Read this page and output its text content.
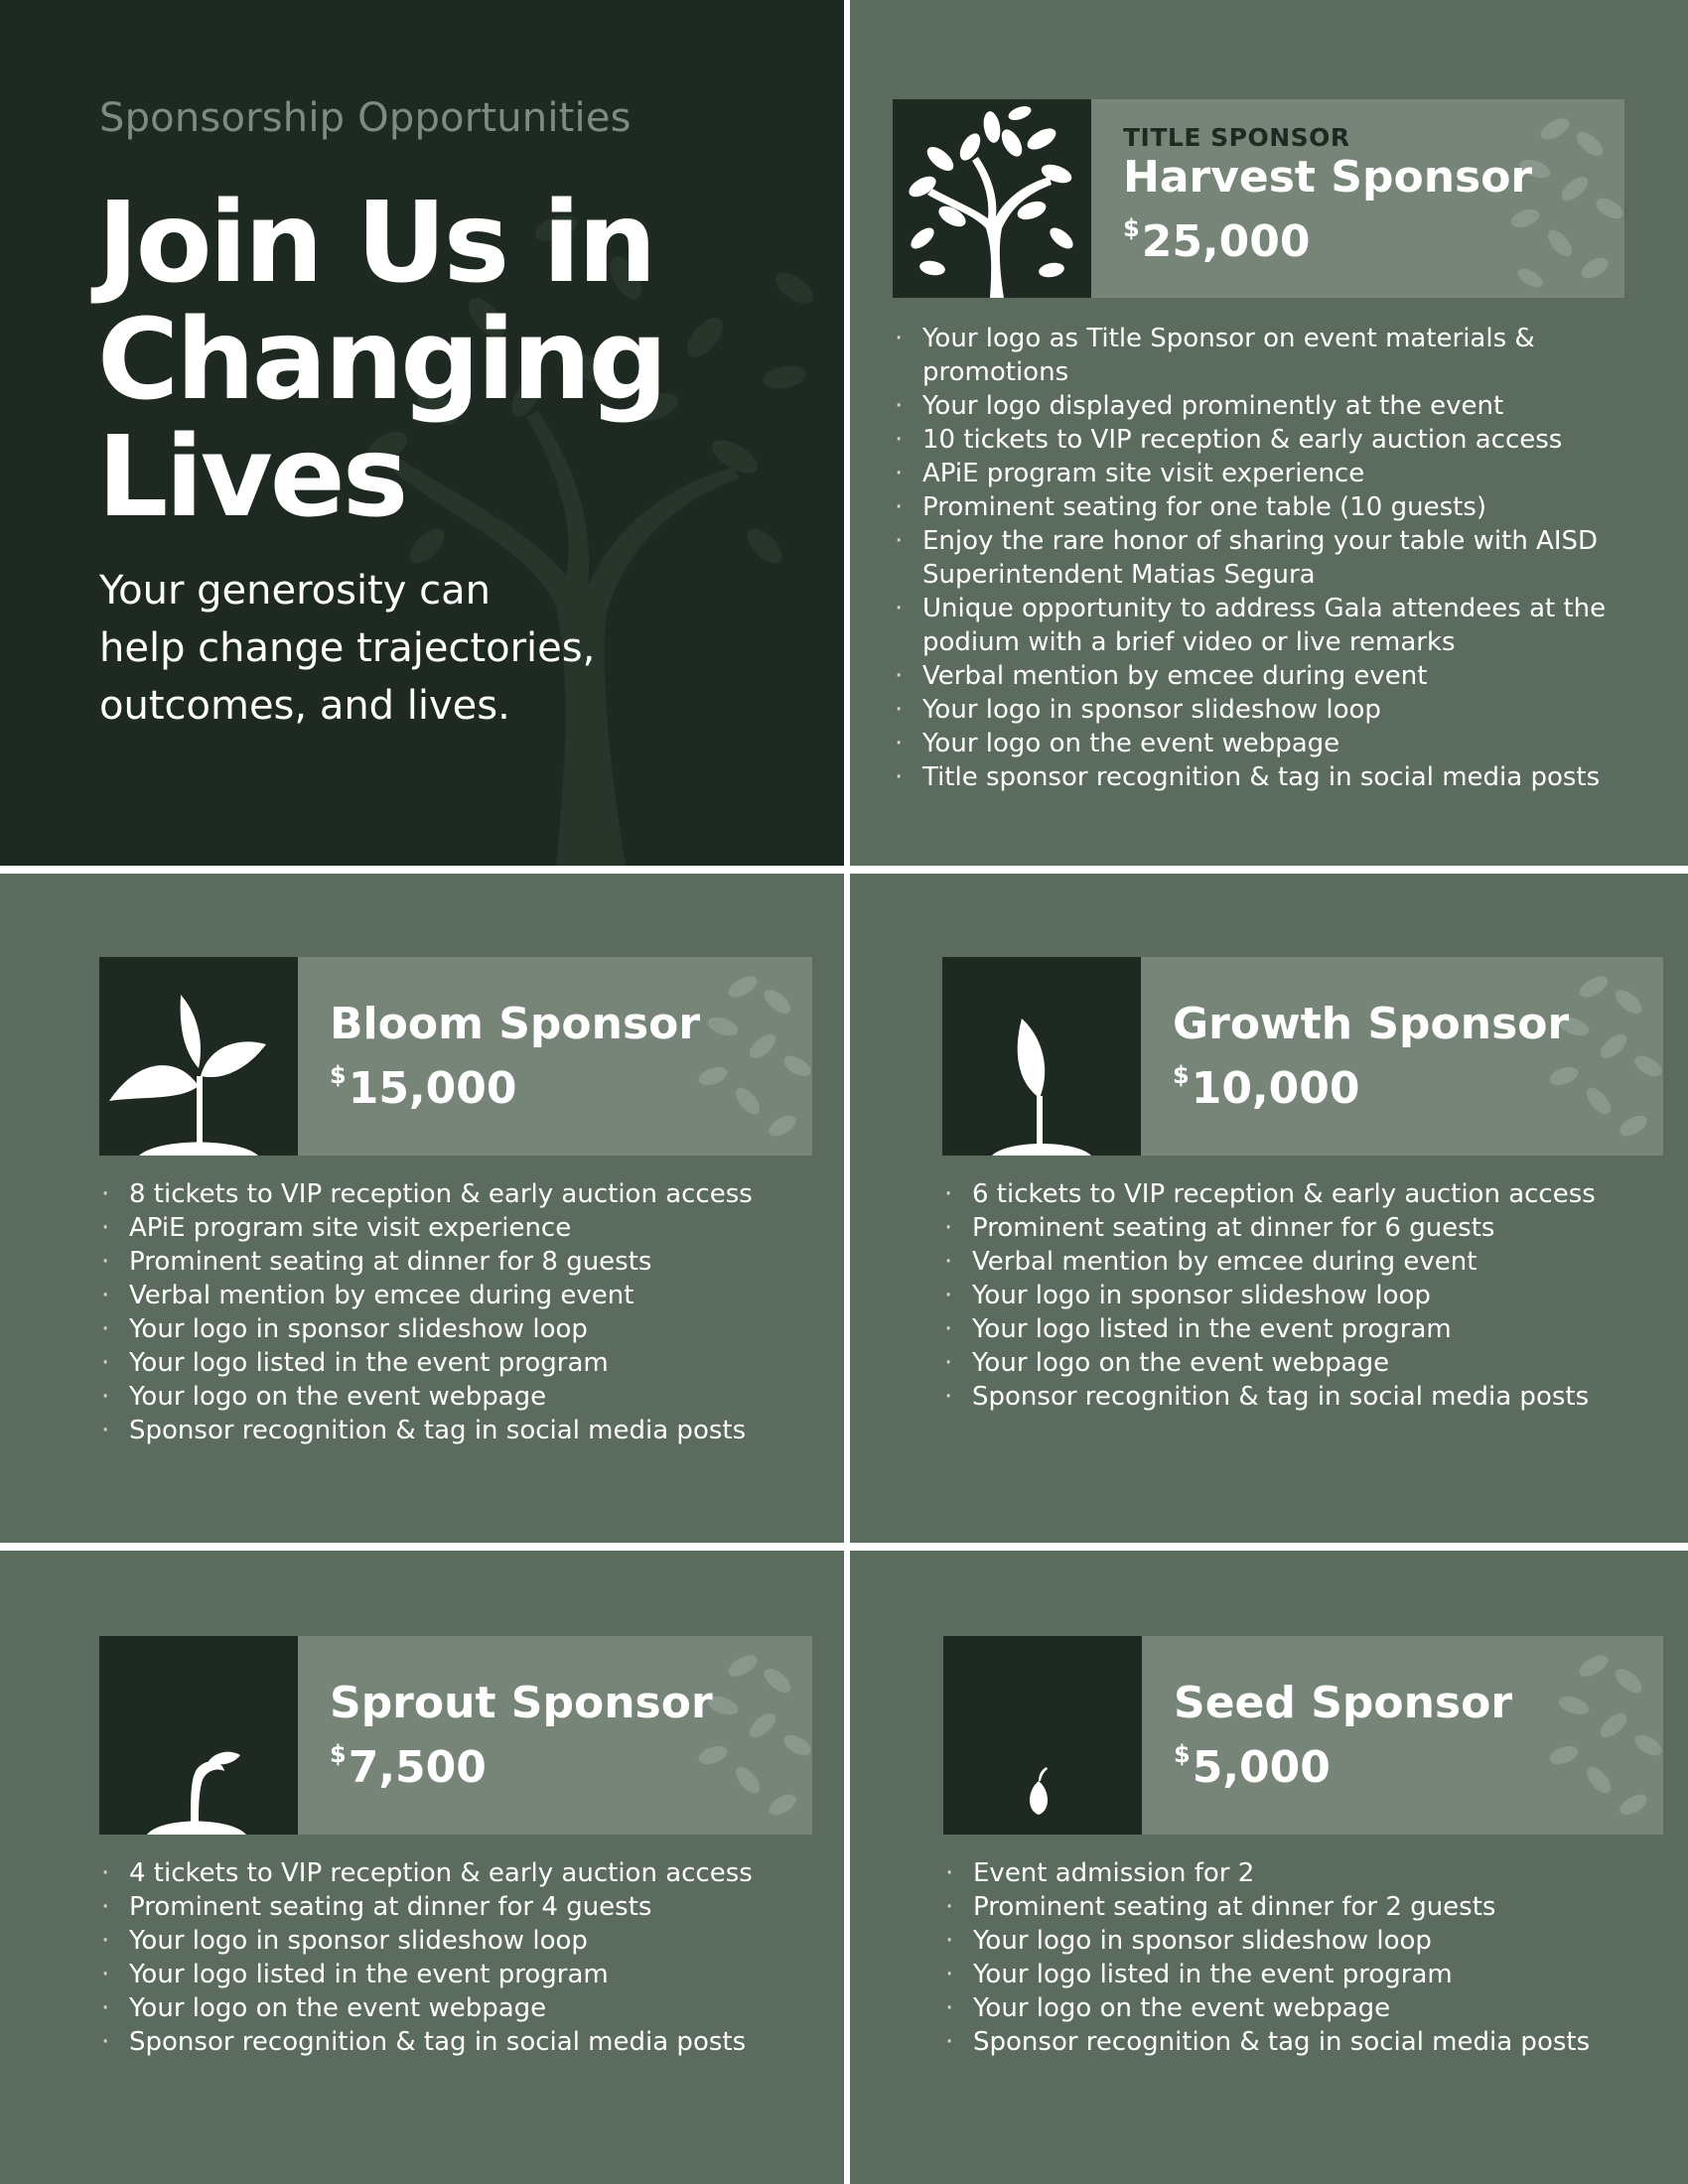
Sponsorship Opportunities
Join Us in
Changing
Lives
Your generosity can
help change trajectories,
outcomes, and lives.
TITLE SPONSOR
Harvest Sponsor
$25,000
· Your logo as Title Sponsor on event materials & promotions
· Your logo displayed prominently at the event
· 10 tickets to VIP reception & early auction access
· APiE program site visit experience
· Prominent seating for one table (10 guests)
· Enjoy the rare honor of sharing your table with AISD Superintendent Matias Segura
· Unique opportunity to address Gala attendees at the podium with a brief video or live remarks
· Verbal mention by emcee during event
· Your logo in sponsor slideshow loop
· Your logo on the event webpage
· Title sponsor recognition & tag in social media posts
Bloom Sponsor
$15,000
· 8 tickets to VIP reception & early auction access
· APiE program site visit experience
· Prominent seating at dinner for 8 guests
· Verbal mention by emcee during event
· Your logo in sponsor slideshow loop
· Your logo listed in the event program
· Your logo on the event webpage
· Sponsor recognition & tag in social media posts
Growth Sponsor
$10,000
· 6 tickets to VIP reception & early auction access
· Prominent seating at dinner for 6 guests
· Verbal mention by emcee during event
· Your logo in sponsor slideshow loop
· Your logo listed in the event program
· Your logo on the event webpage
· Sponsor recognition & tag in social media posts
Sprout Sponsor
$7,500
· 4 tickets to VIP reception & early auction access
· Prominent seating at dinner for 4 guests
· Your logo in sponsor slideshow loop
· Your logo listed in the event program
· Your logo on the event webpage
· Sponsor recognition & tag in social media posts
Seed Sponsor
$5,000
· Event admission for 2
· Prominent seating at dinner for 2 guests
· Your logo in sponsor slideshow loop
· Your logo listed in the event program
· Your logo on the event webpage
· Sponsor recognition & tag in social media posts
